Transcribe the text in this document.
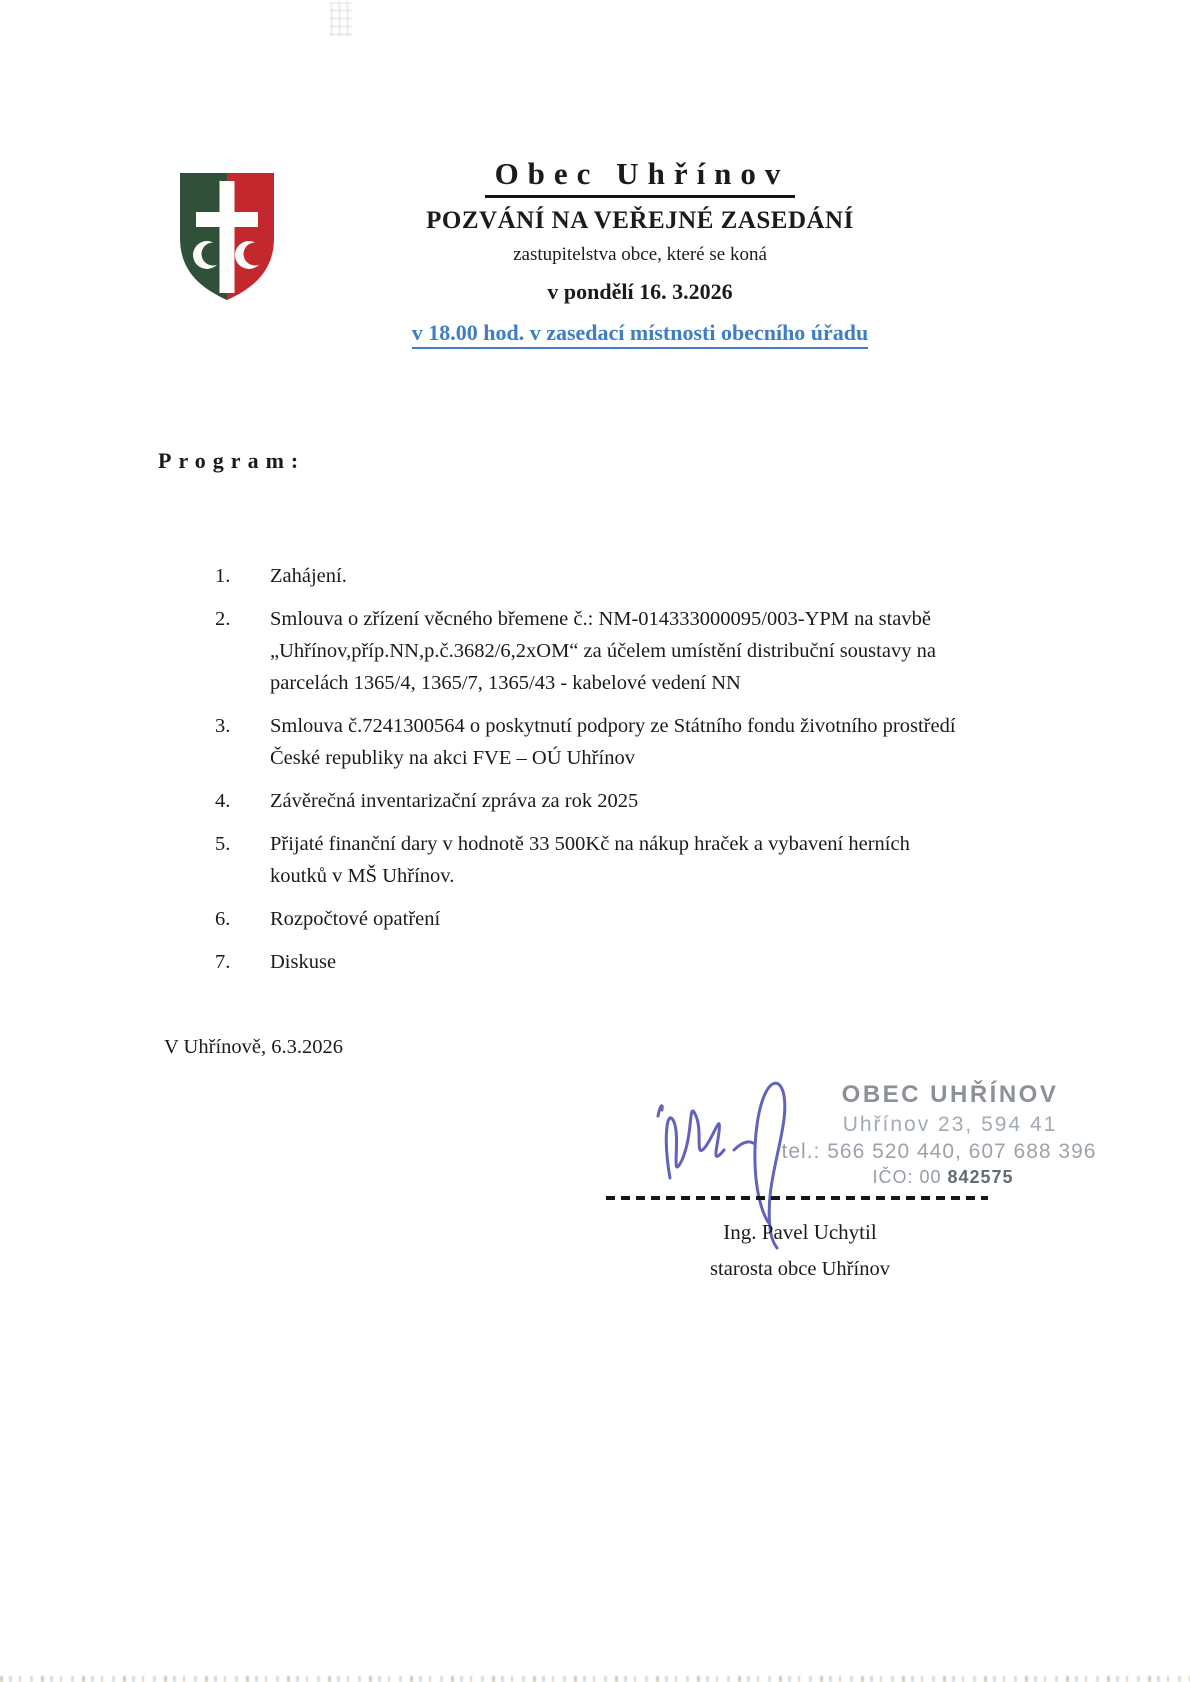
Obec Uhřínov
POZVÁNÍ NA VEŘEJNÉ ZASEDÁNÍ
zastupitelstva obce, které se koná
v pondělí 16. 3.2026
v 18.00 hod. v zasedací místnosti obecního úřadu
Program:
1.	Zahájení.
2.	Smlouva o zřízení věcného břemene č.: NM-014333000095/003-YPM na stavbě „Uhřínov,příp.NN,p.č.3682/6,2xOM“ za účelem umístění distribuční soustavy na parcelách 1365/4, 1365/7, 1365/43 - kabelové vedení NN
3.	Smlouva č.7241300564 o poskytnutí podpory ze Státního fondu životního prostředí České republiky na akci FVE – OÚ Uhřínov
4.	Závěrečná inventarizační zpráva za rok 2025
5.	Přijaté finanční dary v hodnotě 33 500Kč na nákup hraček a vybavení herních koutků v MŠ Uhřínov.
6.	Rozpočtové opatření
7.	Diskuse
V Uhřínově, 6.3.2026
OBEC UHŘÍNOV
Uhřínov 23, 594 41
tel.: 566 520 440, 607 688 396
IČO: 00 842575
Ing. Pavel Uchytil
starosta obce Uhřínov
